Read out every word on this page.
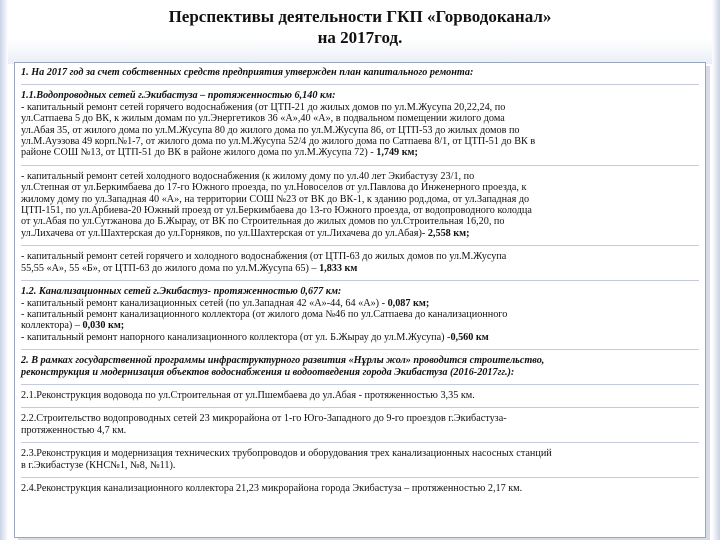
Перспективы деятельности ГКП «Горводоканал»
на 2017год.
1. На 2017 год за счет собственных средств предприятия утвержден план капитального ремонта:
1.1.Водопроводных сетей г.Экибастуза – протяженностью 6,140 км:
- капитальный ремонт сетей горячего водоснабжения (от ЦТП-21 до жилых домов по ул.М.Жусупа 20,22,24, по
ул.Сатпаева 5 до ВК, к жилым домам по ул.Энергетиков 36 «А»,40 «А», в подвальном помещении жилого дома
ул.Абая 35, от жилого дома по ул.М.Жусупа 80 до жилого дома по ул.М.Жусупа 86, от ЦТП-53 до жилых домов по
ул.М.Ауэзова 49 корп.№1-7, от жилого дома по ул.М.Жусупа 52/4 до жилого дома по Сатпаева 8/1, от ЦТП-51 до ВК в
районе СОШ №13, от ЦТП-51 до ВК в районе жилого дома по ул.М.Жусупа 72) - 1,749 км;
- капитальный ремонт сетей холодного водоснабжения (к жилому дому по ул.40 лет Экибастузу 23/1, по
ул.Степная от ул.Беркимбаева до 17-го Южного проезда, по ул.Новоселов от ул.Павлова до Инженерного проезда, к
жилому дому по ул.Западная 40 «А», на территории СОШ №23 от ВК до ВК-1, к зданию род.дома, от ул.Западная до
ЦТП-151, по ул.Арбиева-20 Южный проезд от ул.Беркимбаева до 13-го Южного проезда, от водопроводного колодца
от ул.Абая по ул.Сутжанова до Б.Жырау, от ВК по Строительная до жилых домов по ул.Строительная 16,20, по
ул.Лихачева от ул.Шахтерская до ул.Горняков, по ул.Шахтерская от ул.Лихачева до ул.Абая)- 2,558 км;
- капитальный ремонт сетей горячего и холодного водоснабжения (от ЦТП-63 до жилых домов по ул.М.Жусупа
55,55 «А», 55 «Б», от ЦТП-63 до жилого дома по ул.М.Жусупа 65) – 1,833 км
1.2. Канализационных сетей г.Экибастуз- протяженностью 0,677 км:
- капитальный ремонт канализационных сетей (по ул.Западная 42 «А»-44, 64 «А») - 0,087 км;
- капитальный ремонт канализационного коллектора (от жилого дома №46 по ул.Сатпаева до канализационного
коллектора) – 0,030 км;
- капитальный ремонт напорного канализационного коллектора (от ул. Б.Жырау до ул.М.Жусупа) -0,560 км
2. В рамках государственной программы инфраструктурного развития «Нұрлы жол» проводится строительство,
реконструкция и модернизация объектов водоснабжения и водоотведения города Экибастуза (2016-2017гг.):
2.1.Реконструкция водовода по ул.Строительная от ул.Пшембаева до ул.Абая - протяженностью 3,35 км.
2.2.Строительство водопроводных сетей 23 микрорайона от 1-го Юго-Западного до 9-го проездов г.Экибастуза-
протяженностью 4,7 км.
2.3.Реконструкция и модернизация технических трубопроводов и оборудования трех канализационных насосных станций
в г.Экибастузе (КНС№1, №8, №11).
2.4.Реконструкция канализационного коллектора 21,23 микрорайона города Экибастуза – протяженностью 2,17 км.
